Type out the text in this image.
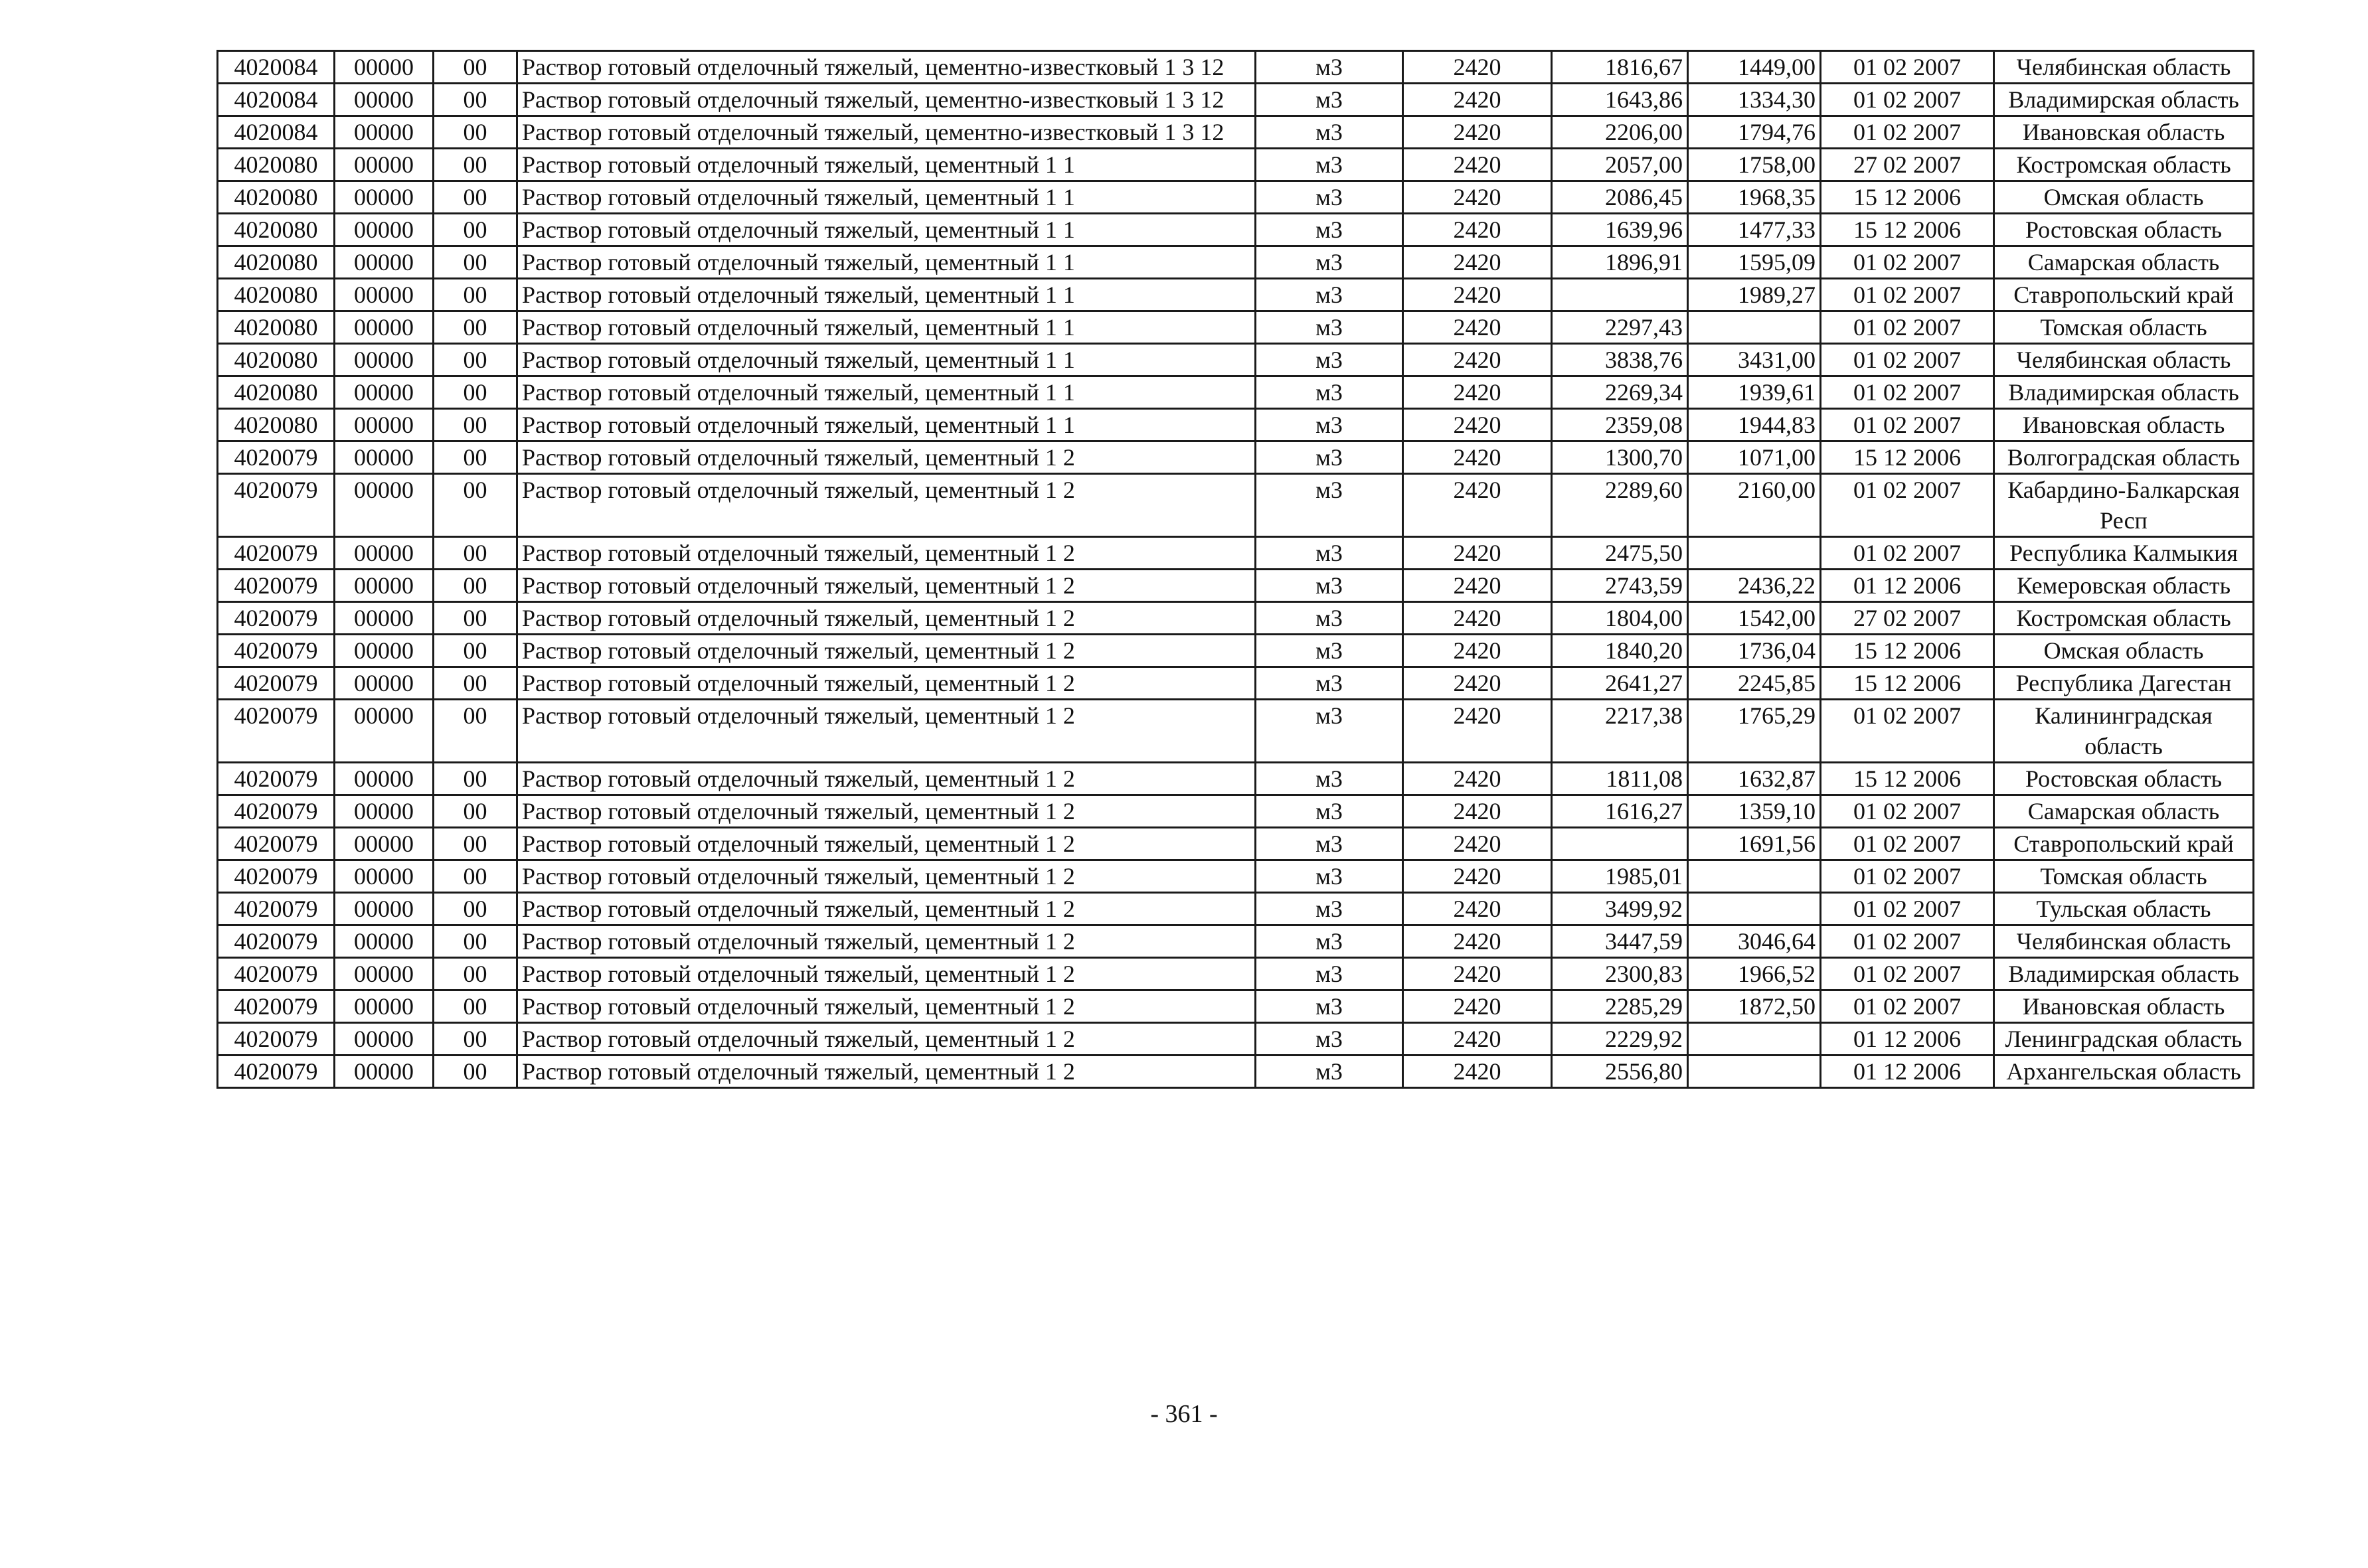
4020084	00000	00	Раствор готовый отделочный тяжелый, цементно-известковый 1 3 12	м3	2420	1816,67	1449,00	01 02 2007	Челябинская область
4020084	00000	00	Раствор готовый отделочный тяжелый, цементно-известковый 1 3 12	м3	2420	1643,86	1334,30	01 02 2007	Владимирская область
4020084	00000	00	Раствор готовый отделочный тяжелый, цементно-известковый 1 3 12	м3	2420	2206,00	1794,76	01 02 2007	Ивановская область
4020080	00000	00	Раствор готовый отделочный тяжелый, цементный 1 1	м3	2420	2057,00	1758,00	27 02 2007	Костромская область
4020080	00000	00	Раствор готовый отделочный тяжелый, цементный 1 1	м3	2420	2086,45	1968,35	15 12 2006	Омская область
4020080	00000	00	Раствор готовый отделочный тяжелый, цементный 1 1	м3	2420	1639,96	1477,33	15 12 2006	Ростовская область
4020080	00000	00	Раствор готовый отделочный тяжелый, цементный 1 1	м3	2420	1896,91	1595,09	01 02 2007	Самарская область
4020080	00000	00	Раствор готовый отделочный тяжелый, цементный 1 1	м3	2420		1989,27	01 02 2007	Ставропольский край
4020080	00000	00	Раствор готовый отделочный тяжелый, цементный 1 1	м3	2420	2297,43		01 02 2007	Томская область
4020080	00000	00	Раствор готовый отделочный тяжелый, цементный 1 1	м3	2420	3838,76	3431,00	01 02 2007	Челябинская область
4020080	00000	00	Раствор готовый отделочный тяжелый, цементный 1 1	м3	2420	2269,34	1939,61	01 02 2007	Владимирская область
4020080	00000	00	Раствор готовый отделочный тяжелый, цементный 1 1	м3	2420	2359,08	1944,83	01 02 2007	Ивановская область
4020079	00000	00	Раствор готовый отделочный тяжелый, цементный 1 2	м3	2420	1300,70	1071,00	15 12 2006	Волгоградская область
4020079	00000	00	Раствор готовый отделочный тяжелый, цементный 1 2	м3	2420	2289,60	2160,00	01 02 2007	Кабардино-Балкарская Респ
4020079	00000	00	Раствор готовый отделочный тяжелый, цементный 1 2	м3	2420	2475,50		01 02 2007	Республика Калмыкия
4020079	00000	00	Раствор готовый отделочный тяжелый, цементный 1 2	м3	2420	2743,59	2436,22	01 12 2006	Кемеровская область
4020079	00000	00	Раствор готовый отделочный тяжелый, цементный 1 2	м3	2420	1804,00	1542,00	27 02 2007	Костромская область
4020079	00000	00	Раствор готовый отделочный тяжелый, цементный 1 2	м3	2420	1840,20	1736,04	15 12 2006	Омская область
4020079	00000	00	Раствор готовый отделочный тяжелый, цементный 1 2	м3	2420	2641,27	2245,85	15 12 2006	Республика Дагестан
4020079	00000	00	Раствор готовый отделочный тяжелый, цементный 1 2	м3	2420	2217,38	1765,29	01 02 2007	Калининградская область
4020079	00000	00	Раствор готовый отделочный тяжелый, цементный 1 2	м3	2420	1811,08	1632,87	15 12 2006	Ростовская область
4020079	00000	00	Раствор готовый отделочный тяжелый, цементный 1 2	м3	2420	1616,27	1359,10	01 02 2007	Самарская область
4020079	00000	00	Раствор готовый отделочный тяжелый, цементный 1 2	м3	2420		1691,56	01 02 2007	Ставропольский край
4020079	00000	00	Раствор готовый отделочный тяжелый, цементный 1 2	м3	2420	1985,01		01 02 2007	Томская область
4020079	00000	00	Раствор готовый отделочный тяжелый, цементный 1 2	м3	2420	3499,92		01 02 2007	Тульская область
4020079	00000	00	Раствор готовый отделочный тяжелый, цементный 1 2	м3	2420	3447,59	3046,64	01 02 2007	Челябинская область
4020079	00000	00	Раствор готовый отделочный тяжелый, цементный 1 2	м3	2420	2300,83	1966,52	01 02 2007	Владимирская область
4020079	00000	00	Раствор готовый отделочный тяжелый, цементный 1 2	м3	2420	2285,29	1872,50	01 02 2007	Ивановская область
4020079	00000	00	Раствор готовый отделочный тяжелый, цементный 1 2	м3	2420	2229,92		01 12 2006	Ленинградская область
4020079	00000	00	Раствор готовый отделочный тяжелый, цементный 1 2	м3	2420	2556,80		01 12 2006	Архангельская область
- 361 -
